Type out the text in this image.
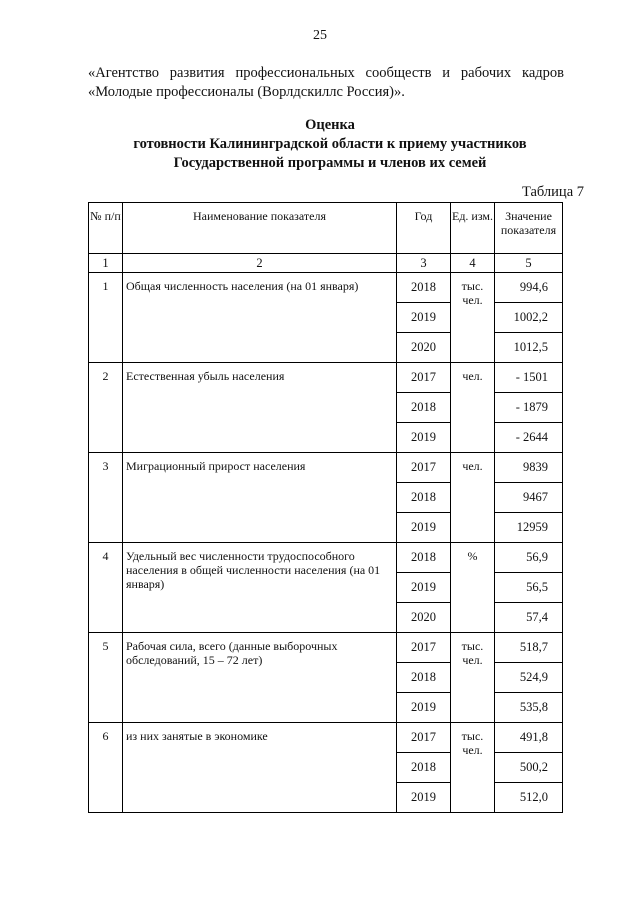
25
«Агентство развития профессиональных сообществ и рабочих кадров «Молодые профессионалы (Ворлдскиллс Россия)».
Оценка
готовности Калининградской области к приему участников
Государственной программы и членов их семей
Таблица 7
№ п/п	Наименование показателя	Год	Ед. изм.	Значение показателя
1	2	3	4	5
1	Общая численность населения (на 01 января)	2018	тыс. чел.	994,6
		2019		1002,2
		2020		1012,5
2	Естественная убыль населения	2017	чел.	- 1501
		2018		- 1879
		2019		- 2644
3	Миграционный прирост населения	2017	чел.	9839
		2018		9467
		2019		12959
4	Удельный вес численности трудоспособного населения в общей численности населения (на 01 января)	2018	%	56,9
		2019		56,5
		2020		57,4
5	Рабочая сила, всего (данные выборочных обследований, 15 – 72 лет)	2017	тыс. чел.	518,7
		2018		524,9
		2019		535,8
6	из них занятые в экономике	2017	тыс. чел.	491,8
		2018		500,2
		2019		512,0
